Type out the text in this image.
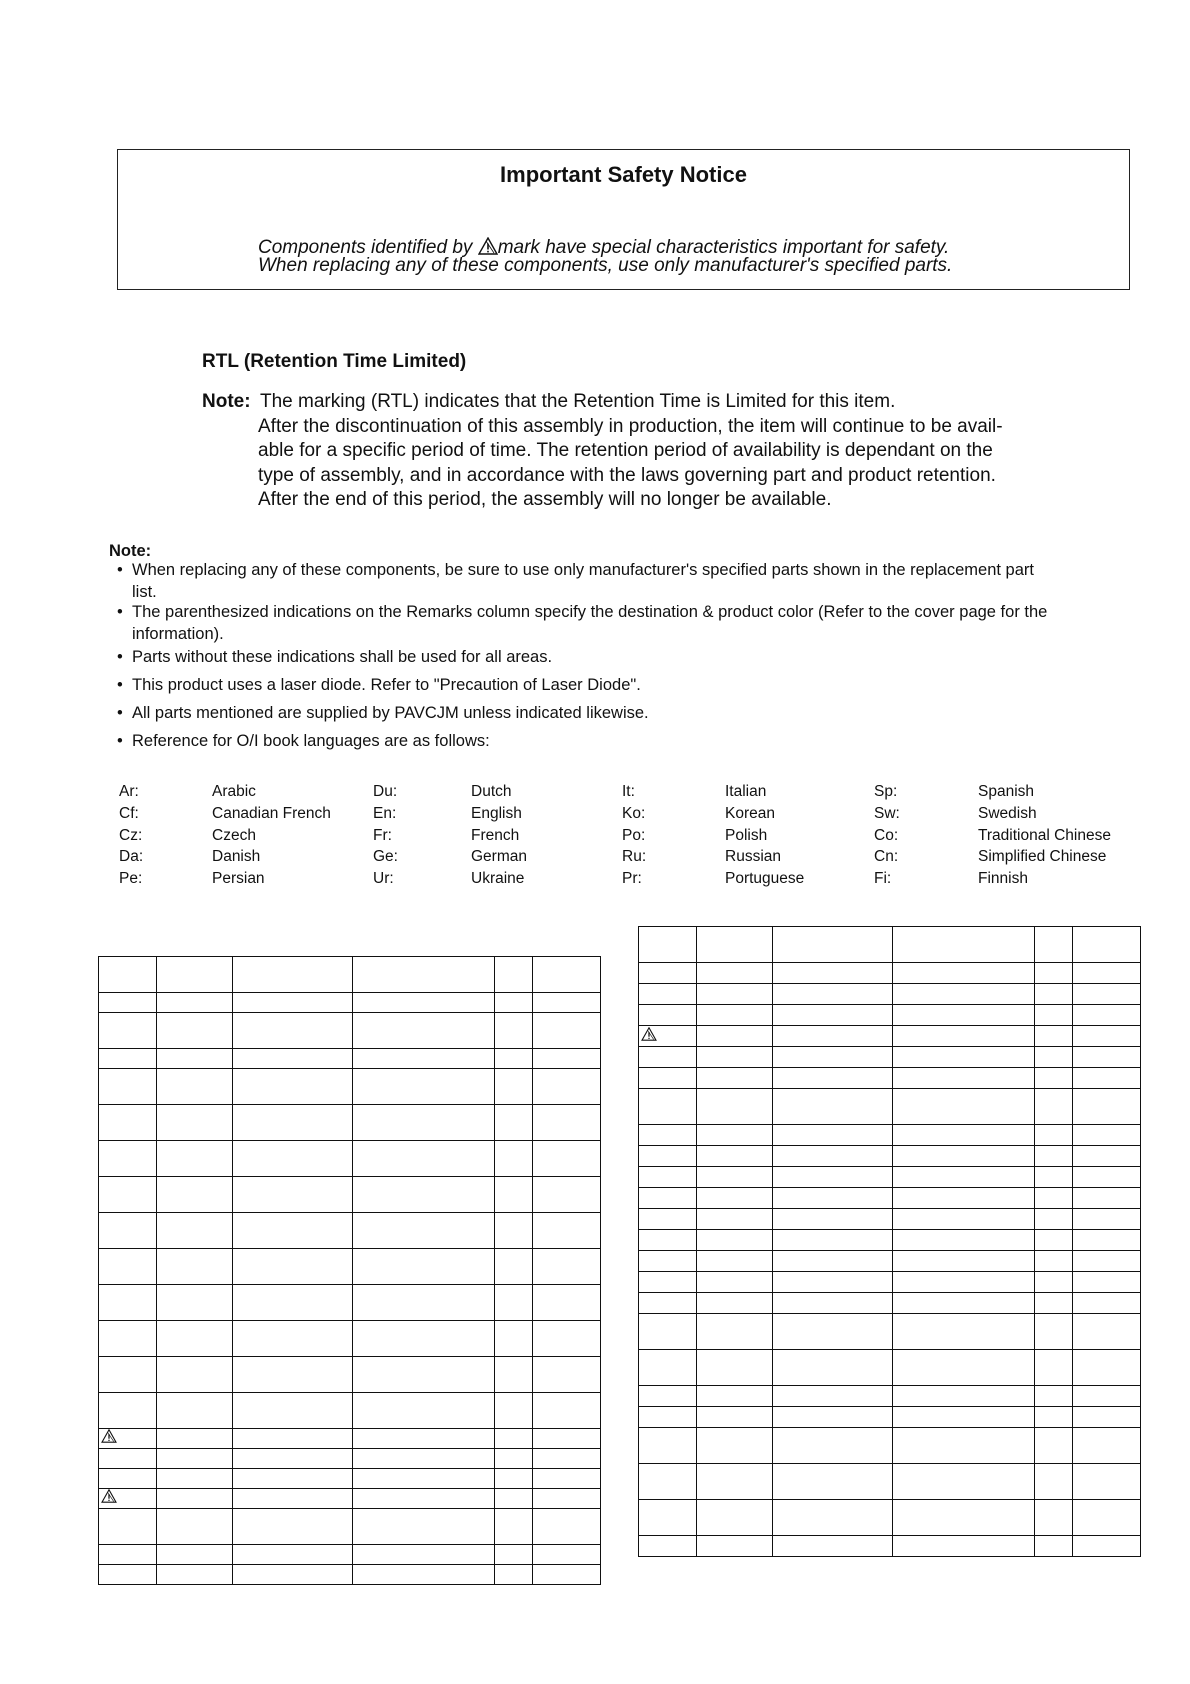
Important Safety Notice
Components identified by mark have special characteristics important for safety.
When replacing any of these components, use only manufacturer's specified parts.
RTL (Retention Time Limited)
Note: The marking (RTL) indicates that the Retention Time is Limited for this item.
After the discontinuation of this assembly in production, the item will continue to be avail-
able for a specific period of time. The retention period of availability is dependant on the
type of assembly, and in accordance with the laws governing part and product retention.
After the end of this period, the assembly will no longer be available.
Note:
• When replacing any of these components, be sure to use only manufacturer's specified parts shown in the replacement part
list.
• The parenthesized indications on the Remarks column specify the destination & product color (Refer to the cover page for the
information).
• Parts without these indications shall be used for all areas.
• This product uses a laser diode. Refer to "Precaution of Laser Diode".
• All parts mentioned are supplied by PAVCJM unless indicated likewise.
• Reference for O/I book languages are as follows:
Ar:	Arabic	Du:	Dutch	It:	Italian	Sp:	Spanish
Cf:	Canadian French	En:	English	Ko:	Korean	Sw:	Swedish
Cz:	Czech	Fr:	French	Po:	Polish	Co:	Traditional Chinese
Da:	Danish	Ge:	German	Ru:	Russian	Cn:	Simplified Chinese
Pe:	Persian	Ur:	Ukraine	Pr:	Portuguese	Fi:	Finnish
